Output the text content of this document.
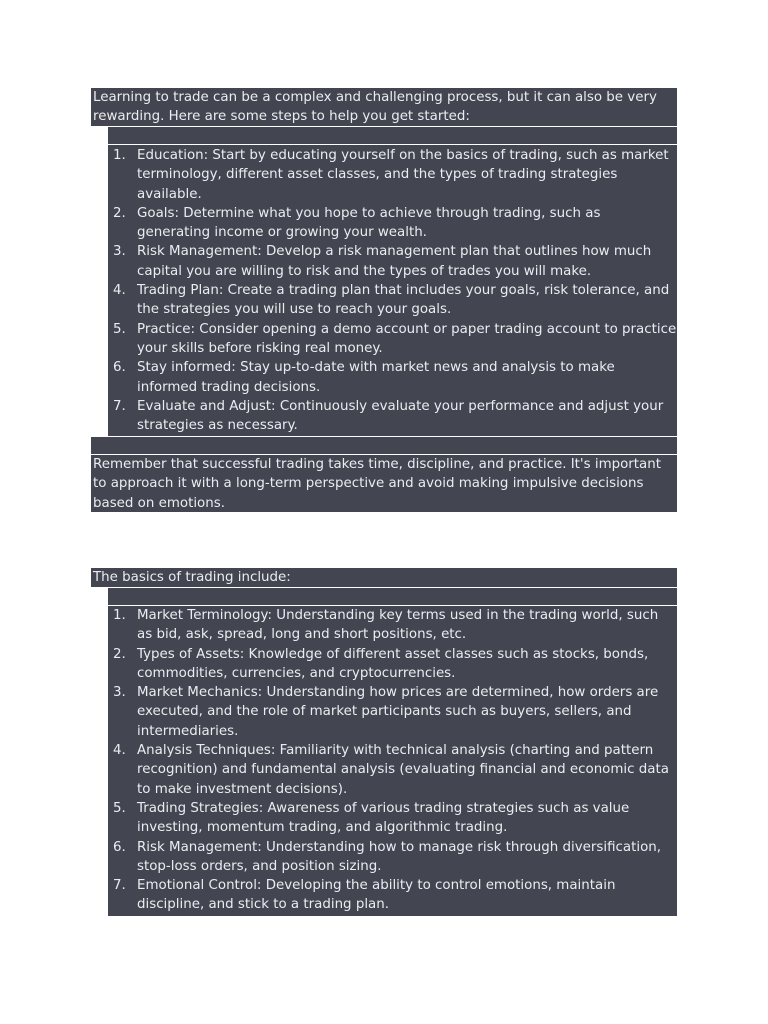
Learning to trade can be a complex and challenging process, but it can also be very rewarding. Here are some steps to help you get started:
1. Education: Start by educating yourself on the basics of trading, such as market terminology, different asset classes, and the types of trading strategies available.
2. Goals: Determine what you hope to achieve through trading, such as generating income or growing your wealth.
3. Risk Management: Develop a risk management plan that outlines how much capital you are willing to risk and the types of trades you will make.
4. Trading Plan: Create a trading plan that includes your goals, risk tolerance, and the strategies you will use to reach your goals.
5. Practice: Consider opening a demo account or paper trading account to practice your skills before risking real money.
6. Stay informed: Stay up-to-date with market news and analysis to make informed trading decisions.
7. Evaluate and Adjust: Continuously evaluate your performance and adjust your strategies as necessary.
Remember that successful trading takes time, discipline, and practice. It's important to approach it with a long-term perspective and avoid making impulsive decisions based on emotions.
The basics of trading include:
1. Market Terminology: Understanding key terms used in the trading world, such as bid, ask, spread, long and short positions, etc.
2. Types of Assets: Knowledge of different asset classes such as stocks, bonds, commodities, currencies, and cryptocurrencies.
3. Market Mechanics: Understanding how prices are determined, how orders are executed, and the role of market participants such as buyers, sellers, and intermediaries.
4. Analysis Techniques: Familiarity with technical analysis (charting and pattern recognition) and fundamental analysis (evaluating financial and economic data to make investment decisions).
5. Trading Strategies: Awareness of various trading strategies such as value investing, momentum trading, and algorithmic trading.
6. Risk Management: Understanding how to manage risk through diversification, stop-loss orders, and position sizing.
7. Emotional Control: Developing the ability to control emotions, maintain discipline, and stick to a trading plan.
